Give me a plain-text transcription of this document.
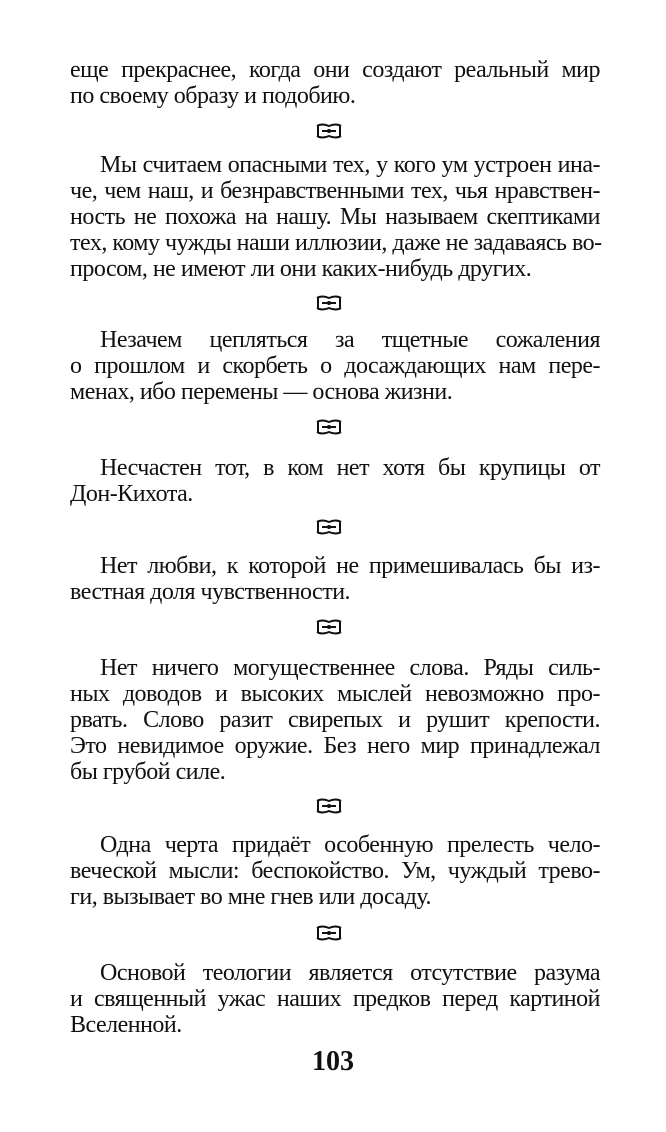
еще прекраснее, когда они создают реальный мир
по своему образу и подобию.
Мы считаем опасными тех, у кого ум устроен ина-
че, чем наш, и безнравственными тех, чья нравствен-
ность не похожа на нашу. Мы называем скептиками
тех, кому чужды наши иллюзии, даже не задаваясь во-
просом, не имеют ли они каких-нибудь других.
Незачем цепляться за тщетные сожаления
о прошлом и скорбеть о досаждающих нам пере-
менах, ибо перемены — основа жизни.
Несчастен тот, в ком нет хотя бы крупицы от
Дон-Кихота.
Нет любви, к которой не примешивалась бы из-
вестная доля чувственности.
Нет ничего могущественнее слова. Ряды силь-
ных доводов и высоких мыслей невозможно про-
рвать. Слово разит свирепых и рушит крепости.
Это невидимое оружие. Без него мир принадлежал
бы грубой силе.
Одна черта придаёт особенную прелесть чело-
веческой мысли: беспокойство. Ум, чуждый трево-
ги, вызывает во мне гнев или досаду.
Основой теологии является отсутствие разума
и священный ужас наших предков перед картиной
Вселенной.
103
